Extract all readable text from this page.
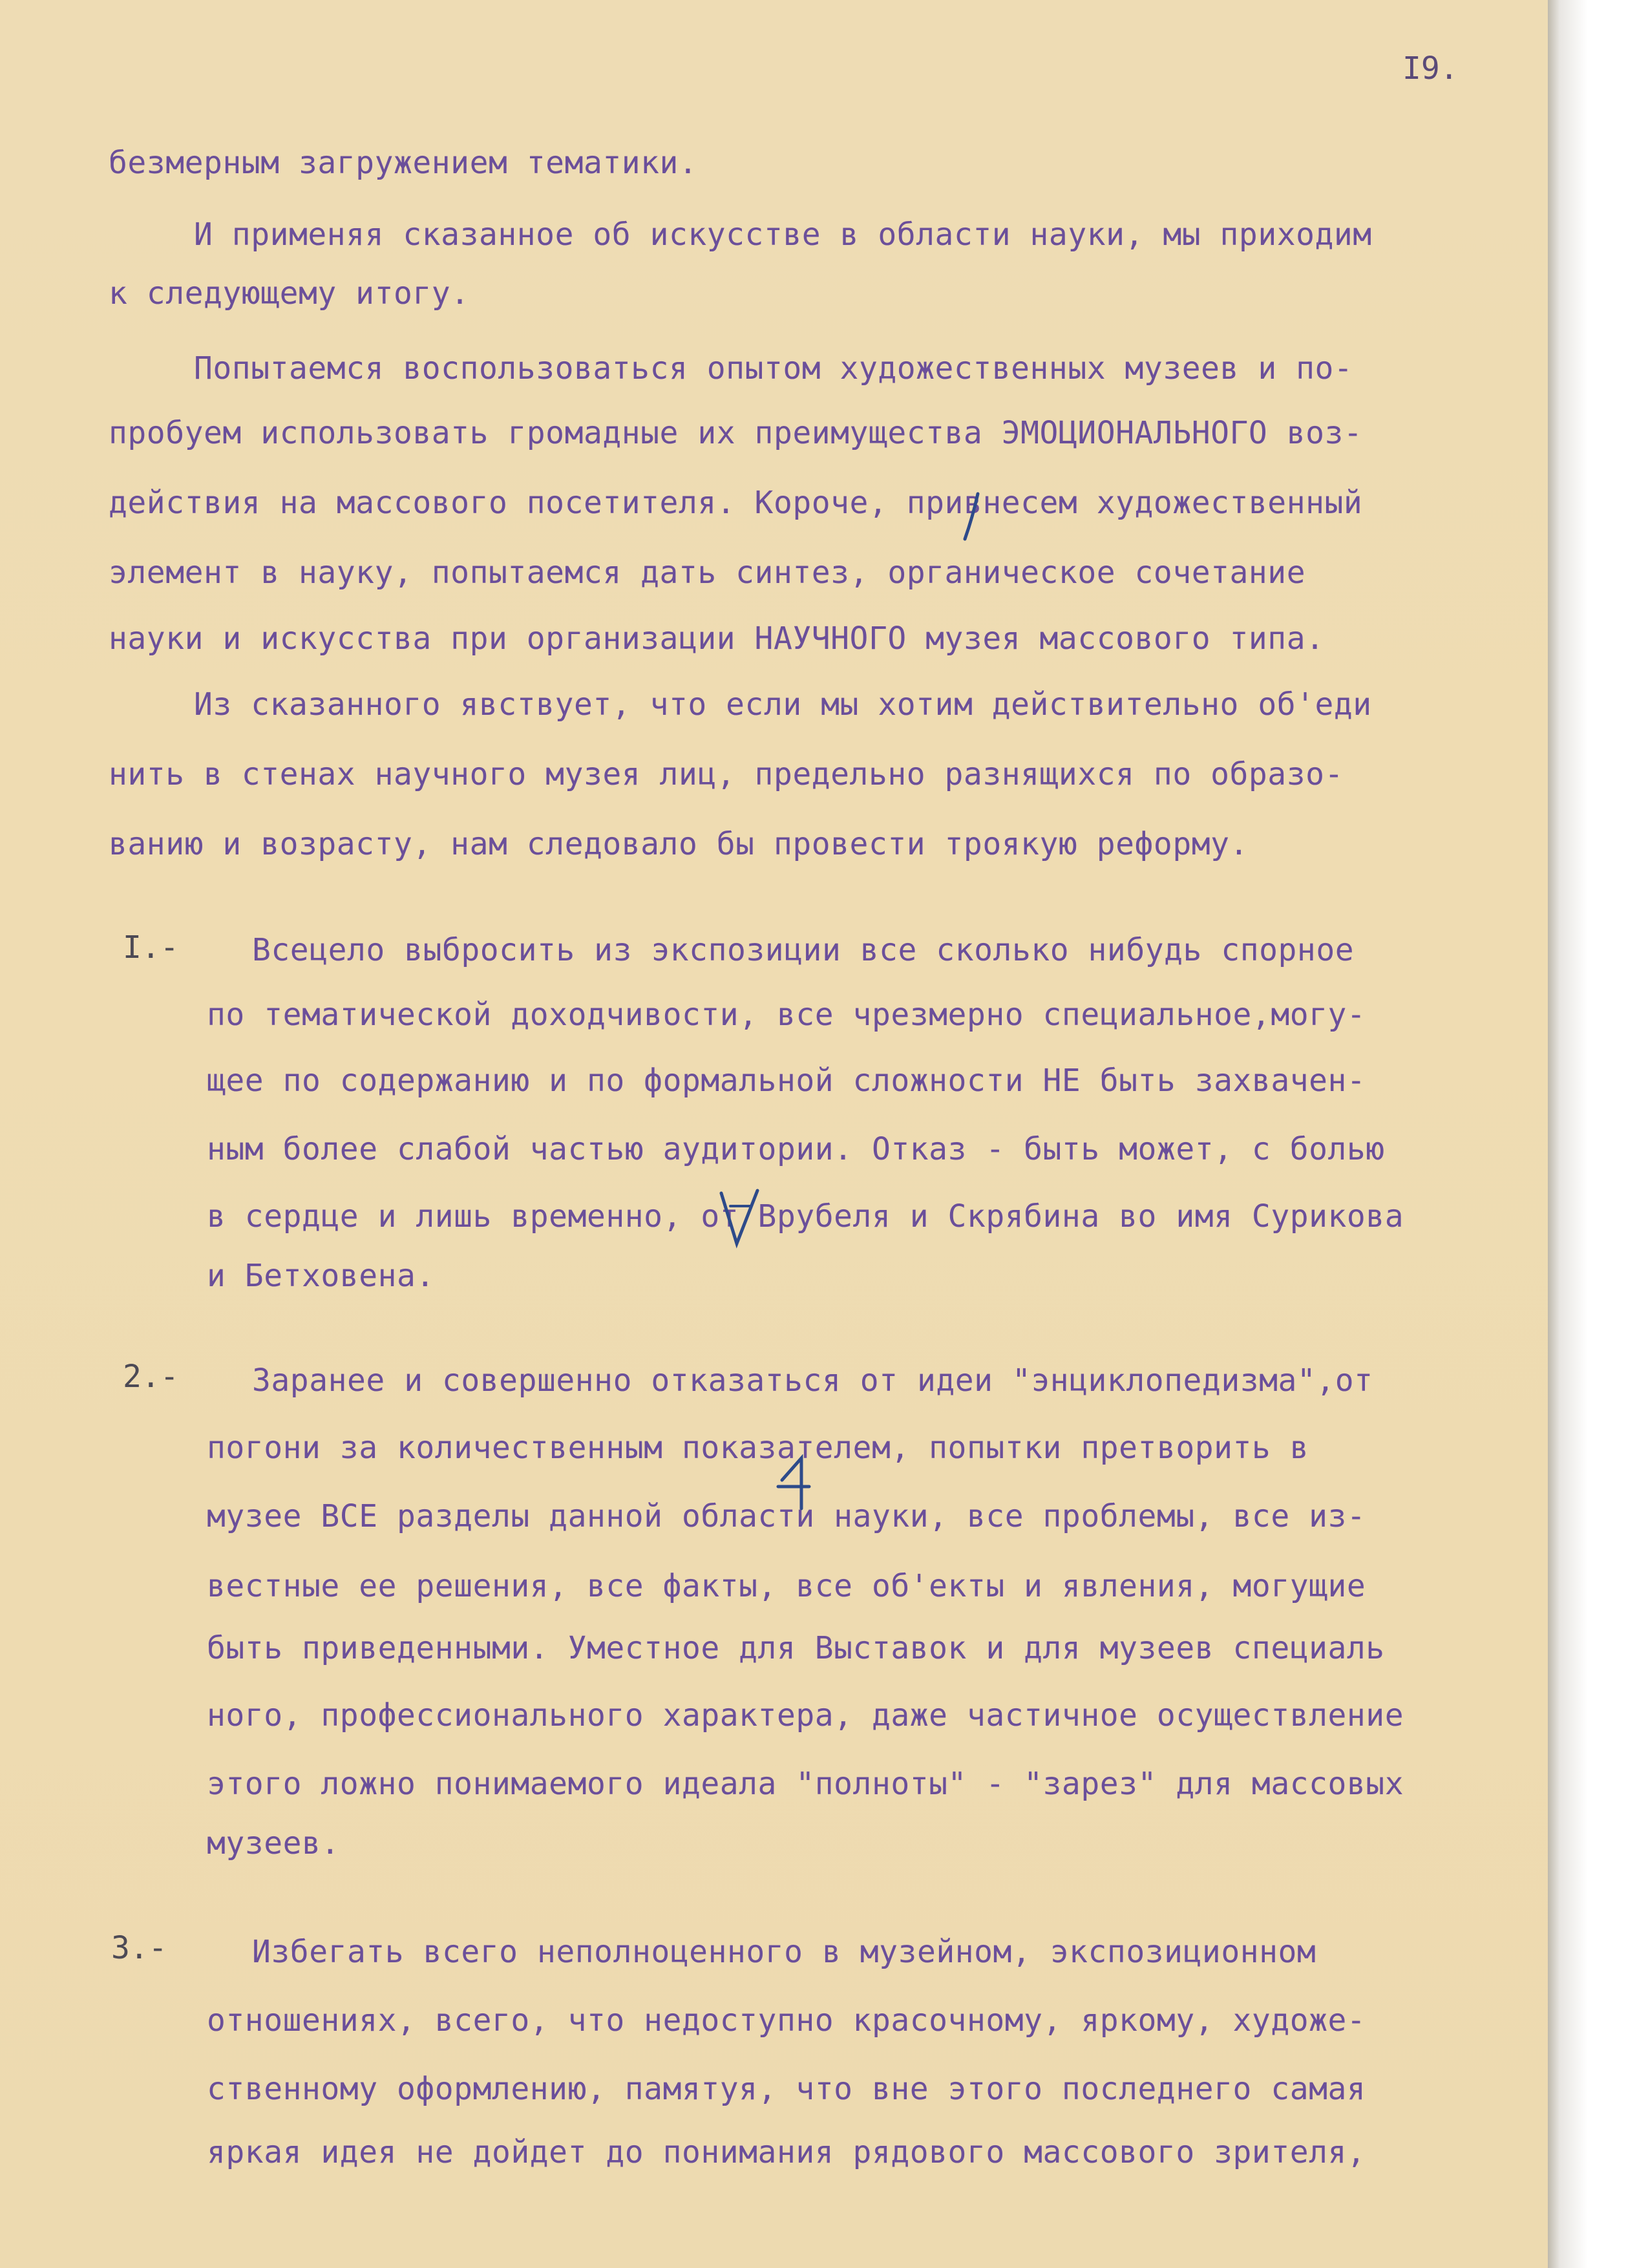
I9.
безмерным загружением тематики.
И применяя сказанное об искусстве в области науки, мы приходим
к следующему итогу.
Попытаемся воспользоваться опытом художественных музеев и по-
пробуем использовать громадные их преимущества ЭМОЦИОНАЛЬНОГО воз-
действия на массового посетителя. Короче, привнесем художественный
элемент в науку, попытаемся дать синтез, органическое сочетание
науки и искусства при организации НАУЧНОГО музея массового типа.
Из сказанного явствует, что если мы хотим действительно об'еди
нить в стенах научного музея лиц, предельно разнящихся по образо-
ванию и возрасту, нам следовало бы провести троякую реформу.
I.- Всецело выбросить из экспозиции все сколько нибудь спорное
по тематической доходчивости, все чрезмерно специальное,могу-
щее по содержанию и по формальной сложности НЕ быть захвачен-
ным более слабой частью аудитории. Отказ - быть может, с болью
в сердце и лишь временно, от Врубеля и Скрябина во имя Сурикова
и Бетховена.
2.- Заранее и совершенно отказаться от идеи "энциклопедизма",от
погони за количественным показателем, попытки претворить в
музее ВСЕ разделы данной области науки, все проблемы, все из-
вестные ее решения, все факты, все об'екты и явления, могущие
быть приведенными. Уместное для Выставок и для музеев специаль
ного, профессионального характера, даже частичное осуществление
этого ложно понимаемого идеала "полноты" - "зарез" для массовых
музеев.
3.-	Избегать всего неполноценного в музейном, экспозиционном
отношениях, всего, что недоступно красочному, яркому, художе-
ственному оформлению, памятуя, что вне этого последнего самая
яркая идея не дойдет до понимания рядового массового зрителя,
